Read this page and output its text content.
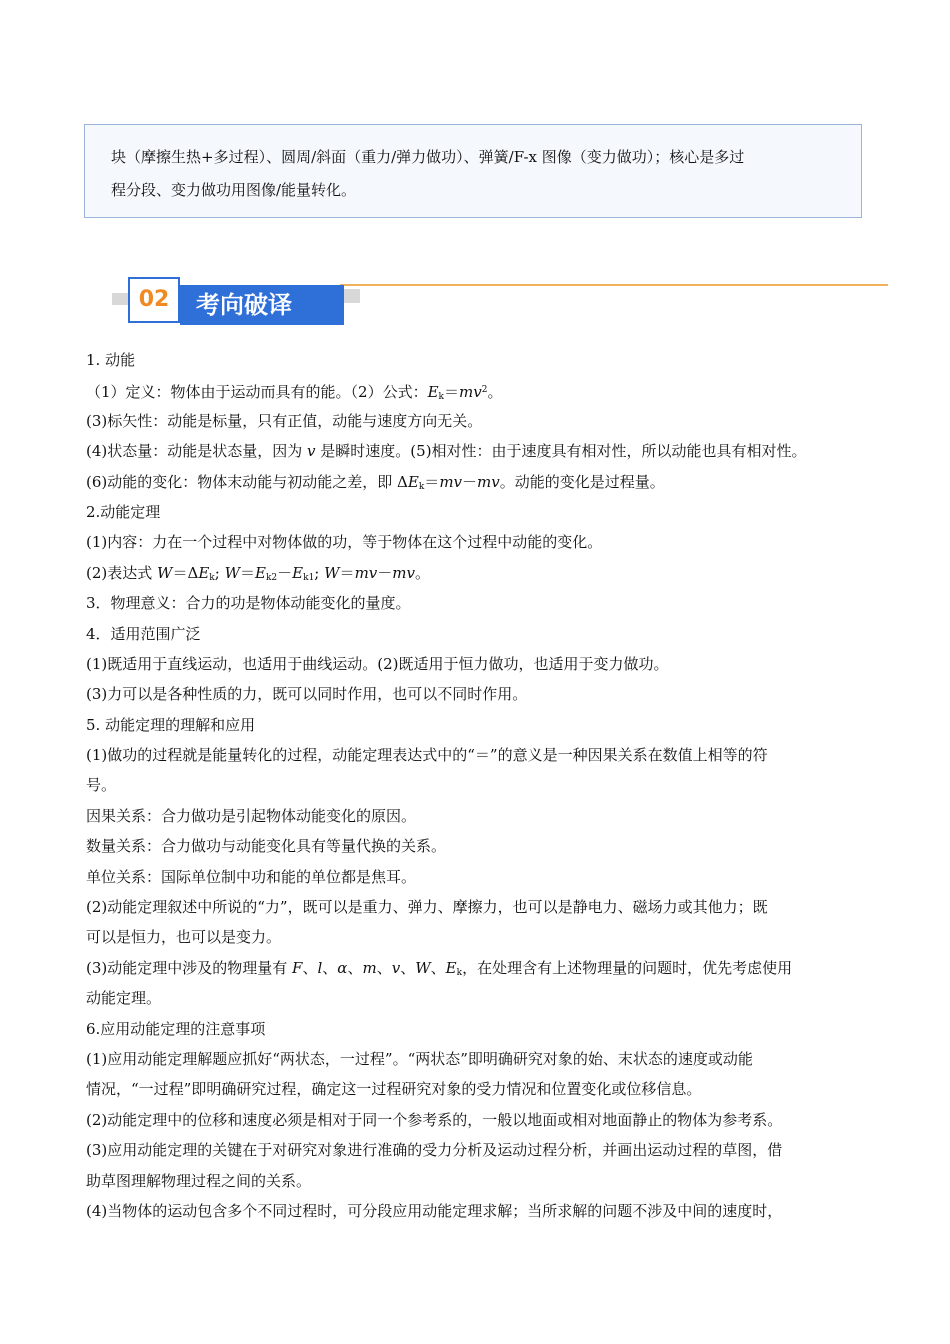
块（摩擦生热+多过程）、圆周/斜面（重力/弹力做功）、弹簧/F-x 图像（变力做功）；核心是多过
程分段、变力做功用图像/能量转化。
02	考向破译
1. 动能
（1）定义：物体由于运动而具有的能。（2）公式：$E_k=mv^2$。
(3)标矢性：动能是标量，只有正值，动能与速度方向无关。
(4)状态量：动能是状态量，因为 v 是瞬时速度。(5)相对性：由于速度具有相对性，所以动能也具有相对性。
(6)动能的变化：物体末动能与初动能之差，即 $\Delta E_k=mv-mv$。动能的变化是过程量。
2.动能定理
(1)内容：力在一个过程中对物体做的功，等于物体在这个过程中动能的变化。
(2)表达式 $W=\Delta E_k$; $W=E_{k2}-E_{k1}$; W＝mv－mv。
3．物理意义：合力的功是物体动能变化的量度。
4．适用范围广泛
(1)既适用于直线运动，也适用于曲线运动。(2)既适用于恒力做功，也适用于变力做功。
(3)力可以是各种性质的力，既可以同时作用，也可以不同时作用。
5. 动能定理的理解和应用
(1)做功的过程就是能量转化的过程，动能定理表达式中的“＝”的意义是一种因果关系在数值上相等的符
号。
因果关系：合力做功是引起物体动能变化的原因。
数量关系：合力做功与动能变化具有等量代换的关系。
单位关系：国际单位制中功和能的单位都是焦耳。
(2)动能定理叙述中所说的“力”，既可以是重力、弹力、摩擦力，也可以是静电力、磁场力或其他力；既
可以是恒力，也可以是变力。
(3)动能定理中涉及的物理量有 F、l、α、m、v、W、$E_k$，在处理含有上述物理量的问题时，优先考虑使用
动能定理。
6.应用动能定理的注意事项
(1)应用动能定理解题应抓好“两状态，一过程”。“两状态”即明确研究对象的始、末状态的速度或动能
情况，“一过程”即明确研究过程，确定这一过程研究对象的受力情况和位置变化或位移信息。
(2)动能定理中的位移和速度必须是相对于同一个参考系的，一般以地面或相对地面静止的物体为参考系。
(3)应用动能定理的关键在于对研究对象进行准确的受力分析及运动过程分析，并画出运动过程的草图，借
助草图理解物理过程之间的关系。
(4)当物体的运动包含多个不同过程时，可分段应用动能定理求解；当所求解的问题不涉及中间的速度时，
